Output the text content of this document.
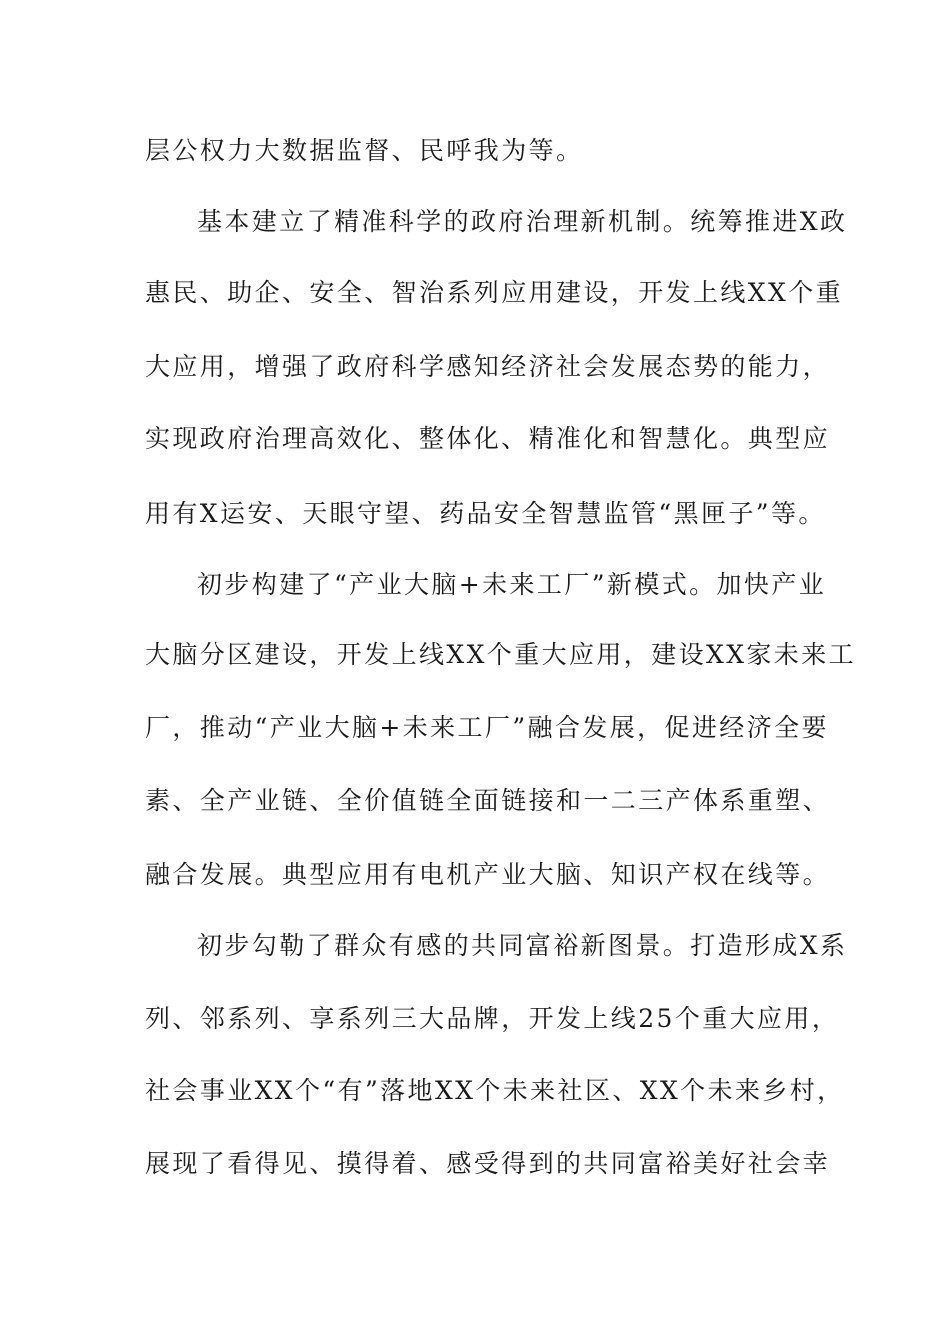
层公权力大数据监督、民呼我为等。
基本建立了精准科学的政府治理新机制。统筹推进X政
惠民、助企、安全、智治系列应用建设，开发上线XX个重
大应用，增强了政府科学感知经济社会发展态势的能力，
实现政府治理高效化、整体化、精准化和智慧化。典型应
用有X运安、天眼守望、药品安全智慧监管“黑匣子”等。
初步构建了“产业大脑+未来工厂”新模式。加快产业
大脑分区建设，开发上线XX个重大应用，建设XX家未来工
厂，推动“产业大脑+未来工厂”融合发展，促进经济全要
素、全产业链、全价值链全面链接和一二三产体系重塑、
融合发展。典型应用有电机产业大脑、知识产权在线等。
初步勾勒了群众有感的共同富裕新图景。打造形成X系
列、邻系列、享系列三大品牌，开发上线25个重大应用，
社会事业XX个“有”落地XX个未来社区、XX个未来乡村，
展现了看得见、摸得着、感受得到的共同富裕美好社会幸
